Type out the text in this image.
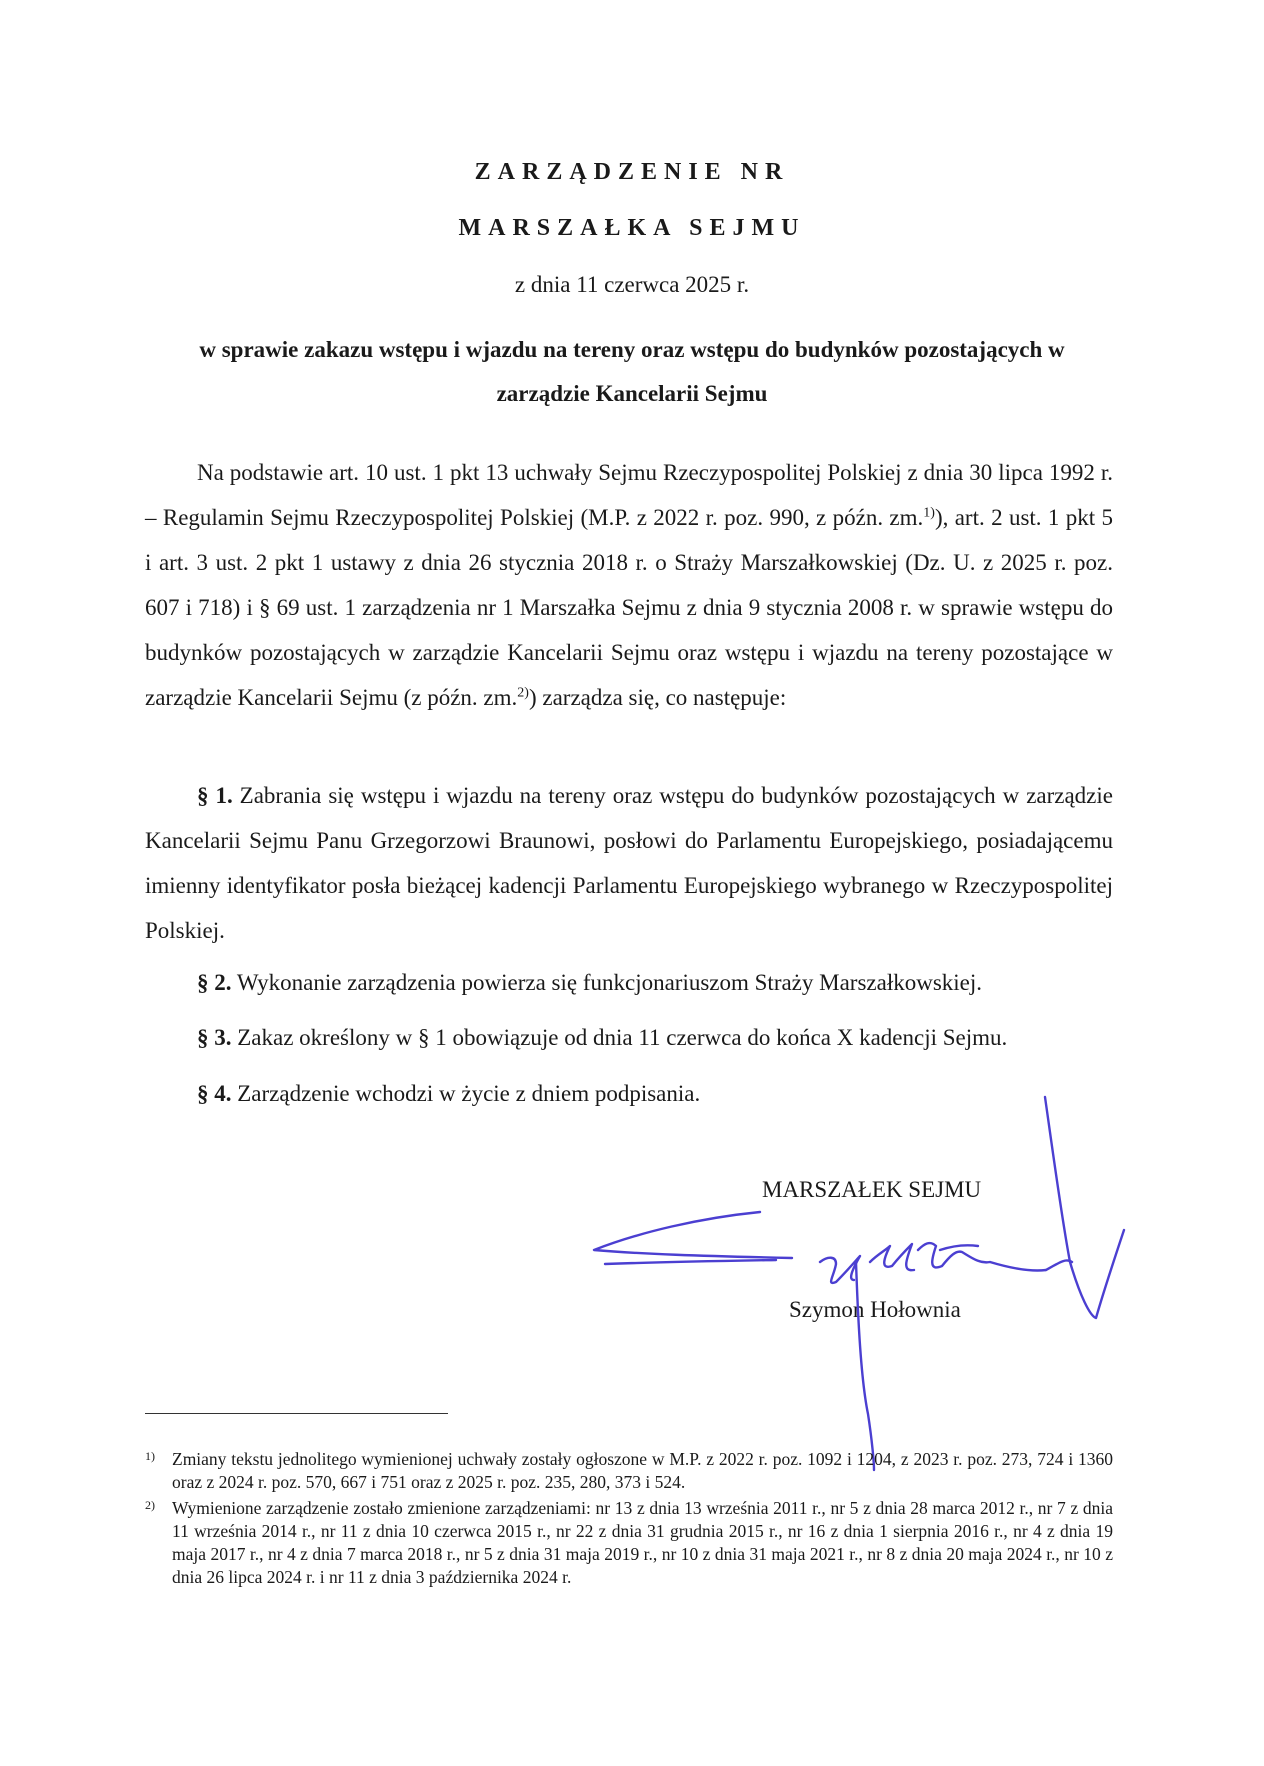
ZARZĄDZENIE NR
MARSZAŁKA SEJMU
z dnia 11 czerwca 2025 r.
w sprawie zakazu wstępu i wjazdu na tereny oraz wstępu do budynków pozostających w zarządzie Kancelarii Sejmu
Na podstawie art. 10 ust. 1 pkt 13 uchwały Sejmu Rzeczypospolitej Polskiej z dnia 30 lipca 1992 r. – Regulamin Sejmu Rzeczypospolitej Polskiej (M.P. z 2022 r. poz. 990, z późn. zm.$^{1)}$), art. 2 ust. 1 pkt 5 i art. 3 ust. 2 pkt 1 ustawy z dnia 26 stycznia 2018 r. o Straży Marszałkowskiej (Dz. U. z 2025 r. poz. 607 i 718) i § 69 ust. 1 zarządzenia nr 1 Marszałka Sejmu z dnia 9 stycznia 2008 r. w sprawie wstępu do budynków pozostających w zarządzie Kancelarii Sejmu oraz wstępu i wjazdu na tereny pozostające w zarządzie Kancelarii Sejmu (z późn. zm.$^{2)}$) zarządza się, co następuje:
§ 1. Zabrania się wstępu i wjazdu na tereny oraz wstępu do budynków pozostających w zarządzie Kancelarii Sejmu Panu Grzegorzowi Braunowi, posłowi do Parlamentu Europejskiego, posiadającemu imienny identyfikator posła bieżącej kadencji Parlamentu Europejskiego wybranego w Rzeczypospolitej Polskiej.
§ 2. Wykonanie zarządzenia powierza się funkcjonariuszom Straży Marszałkowskiej.
§ 3. Zakaz określony w § 1 obowiązuje od dnia 11 czerwca do końca X kadencji Sejmu.
§ 4. Zarządzenie wchodzi w życie z dniem podpisania.
MARSZAŁEK SEJMU
Szymon Hołownia
1) Zmiany tekstu jednolitego wymienionej uchwały zostały ogłoszone w M.P. z 2022 r. poz. 1092 i 1204, z 2023 r. poz. 273, 724 i 1360 oraz z 2024 r. poz. 570, 667 i 751 oraz z 2025 r. poz. 235, 280, 373 i 524.
2) Wymienione zarządzenie zostało zmienione zarządzeniami: nr 13 z dnia 13 września 2011 r., nr 5 z dnia 28 marca 2012 r., nr 7 z dnia 11 września 2014 r., nr 11 z dnia 10 czerwca 2015 r., nr 22 z dnia 31 grudnia 2015 r., nr 16 z dnia 1 sierpnia 2016 r., nr 4 z dnia 19 maja 2017 r., nr 4 z dnia 7 marca 2018 r., nr 5 z dnia 31 maja 2019 r., nr 10 z dnia 31 maja 2021 r., nr 8 z dnia 20 maja 2024 r., nr 10 z dnia 26 lipca 2024 r. i nr 11 z dnia 3 października 2024 r.
